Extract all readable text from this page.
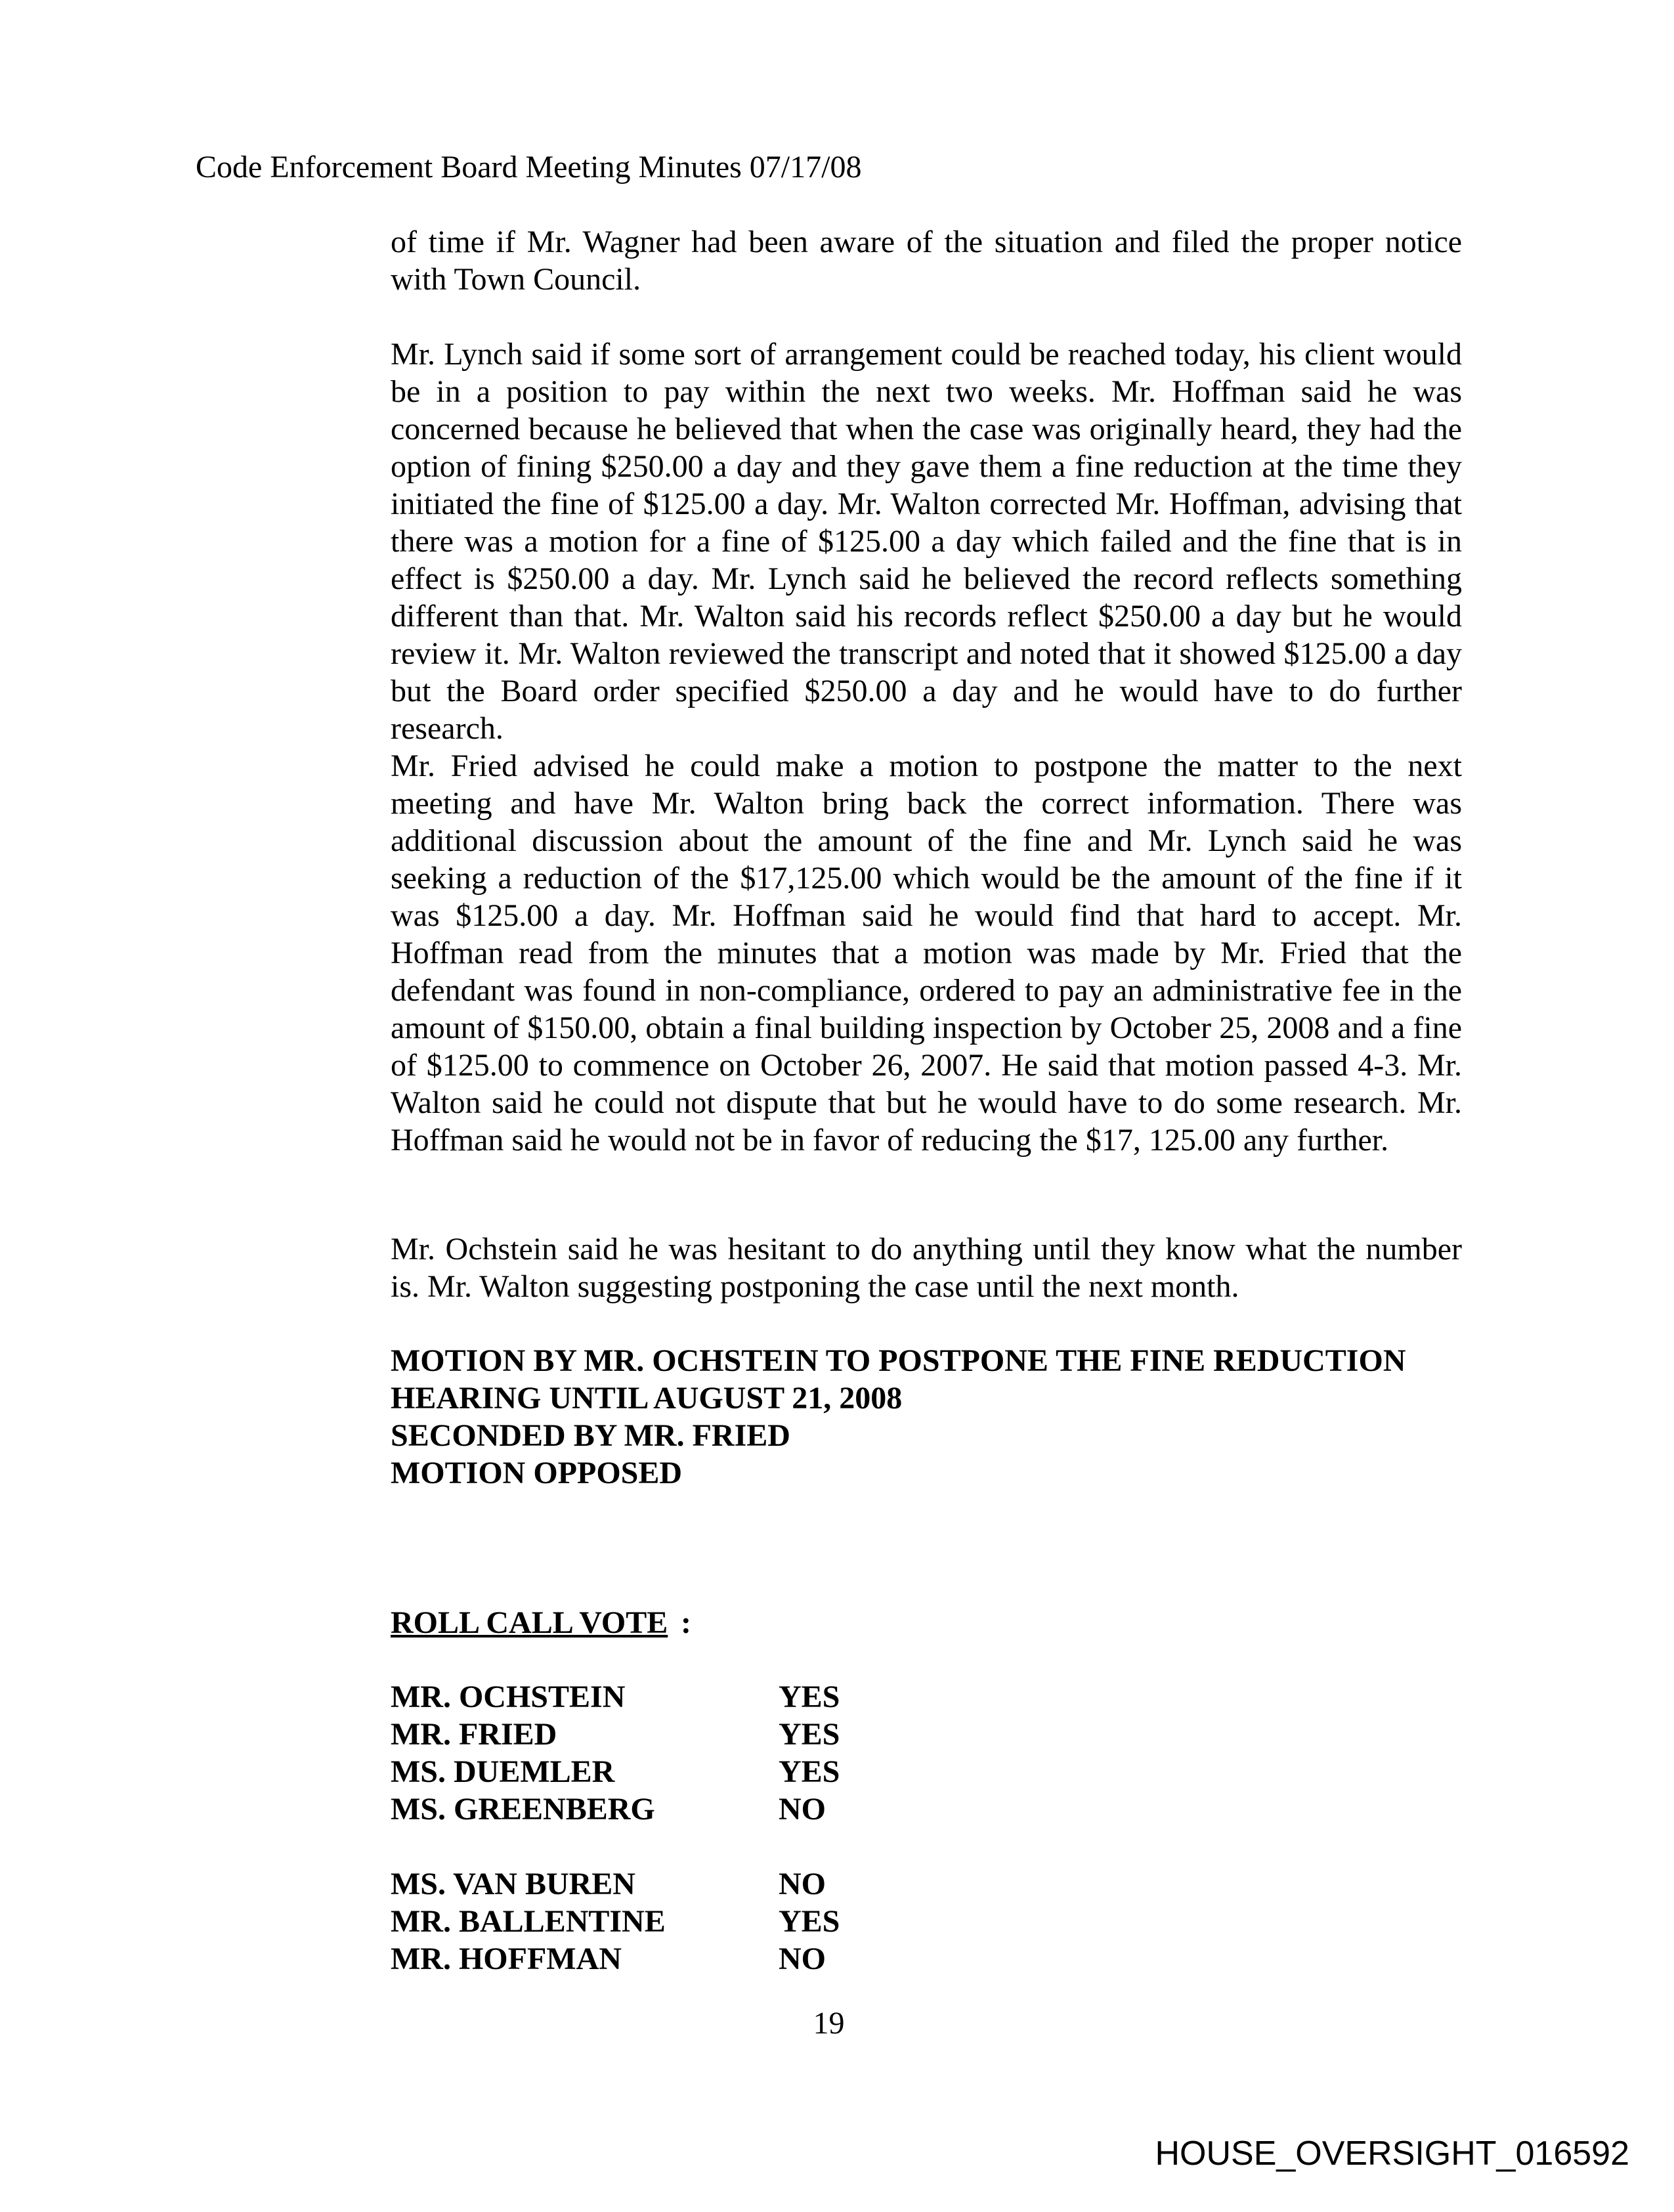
Code Enforcement Board Meeting Minutes 07/17/08

of time if Mr. Wagner had been aware of the situation and filed the proper notice with Town Council.

Mr. Lynch said if some sort of arrangement could be reached today, his client would be in a position to pay within the next two weeks. Mr. Hoffman said he was concerned because he believed that when the case was originally heard, they had the option of fining $250.00 a day and they gave them a fine reduction at the time they initiated the fine of $125.00 a day. Mr. Walton corrected Mr. Hoffman, advising that there was a motion for a fine of $125.00 a day which failed and the fine that is in effect is $250.00 a day. Mr. Lynch said he believed the record reflects something different than that. Mr. Walton said his records reflect $250.00 a day but he would review it. Mr. Walton reviewed the transcript and noted that it showed $125.00 a day but the Board order specified $250.00 a day and he would have to do further research.

Mr. Fried advised he could make a motion to postpone the matter to the next meeting and have Mr. Walton bring back the correct information. There was additional discussion about the amount of the fine and Mr. Lynch said he was seeking a reduction of the $17,125.00 which would be the amount of the fine if it was $125.00 a day. Mr. Hoffman said he would find that hard to accept. Mr. Hoffman read from the minutes that a motion was made by Mr. Fried that the defendant was found in non-compliance, ordered to pay an administrative fee in the amount of $150.00, obtain a final building inspection by October 25, 2008 and a fine of $125.00 to commence on October 26, 2007. He said that motion passed 4-3. Mr. Walton said he could not dispute that but he would have to do some research. Mr. Hoffman said he would not be in favor of reducing the $17, 125.00 any further.

Mr. Ochstein said he was hesitant to do anything until they know what the number is. Mr. Walton suggesting postponing the case until the next month.

MOTION BY MR. OCHSTEIN TO POSTPONE THE FINE REDUCTION
HEARING UNTIL AUGUST 21, 2008
SECONDED BY MR. FRIED
MOTION OPPOSED
ROLL CALL VOTE :
MR. OCHSTEIN	YES
MR. FRIED	YES
MS. DUEMLER	YES
MS. GREENBERG	NO
MS. VAN BUREN	NO
MR. BALLENTINE	YES
MR. HOFFMAN	NO
19
HOUSE_OVERSIGHT_016592
